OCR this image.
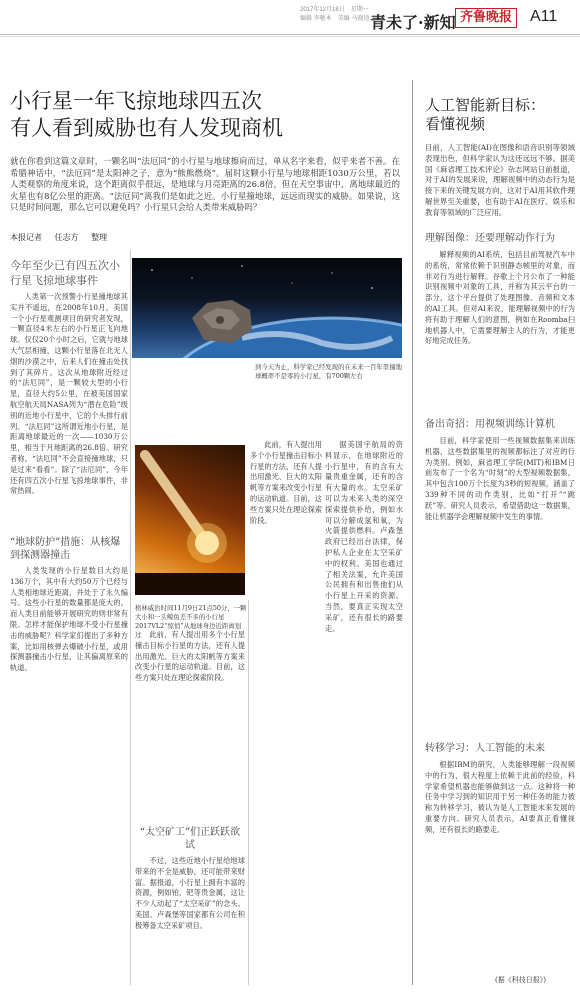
2017年12月18日　星期一
编辑 李驰本　美编 马晓逵 青未了·新知 齐鲁晚报	A11
小行星一年飞掠地球四五次
有人看到威胁也有人发现商机
就在你看到这篇文章时，一颗名叫“法厄同”的小行星与地球擦肩而过，单从名字来看，似乎来者不善。在希腊神话中，“法厄同”是太阳神之子，意为“熊熊燃烧”。届时这颗小行星与地球相距1030万公里，若以人类观察的角度来说，这个距离似乎很远，是地球与月亮距离的26.8倍，但在天空事宙中，离地球最近的火星也有8亿公里的距离。“法厄同”离我们是如此之近。小行星撞地球，远远而现实的威胁。如果说，这只是时间问题，那么它可以避免吗？小行星只会给人类带来威胁吗？
本报记者 任志方 整理
今年至少已有四五次小行星飞掠地球事件

人类第一次预警小行星撞地球其实并不遥远，在2008年10月，美国一个小行星观测项目的研究者发现，一颗直径4米左右的小行星正飞向地球。仅仅20个小时之后，它就与地球大气层相撞，这颗小行星落在北无人烟的沙漠之中，后来人们在撞击处找到了其碎片。这次从地球附近经过的“法厄同”，是一颗较大型的小行星，直径大约5公里，在被美国国家航空航天局NASA列为“潜在危险”级别的近地小行星中，它的个头排行前列。“法厄同”这所谓近地小行星，是距离地球最近的一次——1030万公里，相当于月地距离的26.8倍。研究者称，“法厄同”不会直接撞地球，只是过来“看看”。除了“法厄同”，今年还有四五次小行星飞掠地球事件，非常热闹。

“地球防护”措施：从核爆到探测器撞击

人类发现的小行星数目大约是136万个，其中有大约50万个已经与人类相地球近距离，并处于了永久编号。这些小行星的数量都是庞大的，而人类目前能够开展研究的则非常有限。怎样才能保护地球不受小行星撞击的威胁呢？科学家们提出了多种方案，比如用核弹去爆破小行星，或用探测器撞击小行星，让其偏离原来的轨道。

到今天为止，科学家已经发现的在未来一百年里撞地球概率不是零的小行星，有700颗左右
格林威治时间11月9日21点50分，一颗大小和一头鲸鱼差不多的小行星2017VL2“惊悄”从地球身边近距离划过

此前，有人提出用多个小行星撞击目标小行星的方法，还有人提出用激光、巨大的太阳帆等方案来改变小行星的运动轨道。目前，这些方案只处在理论探索阶段。

此前，有人提出用多个小行星撞击目标小行星的方法，还有人提出用激光、巨大的太阳帆等方案来改变小行星的运动轨道。目前，这些方案只处在理论探索阶段。

“太空矿工”们正跃跃欲试

不过，这些近地小行星给地球带来的不全是威胁，还可能带来财富。据报道，小行星上拥有丰富的资源，例如铂、钯等贵金属，这让不少人动起了“太空采矿”的念头。美国、卢森堡等国家都有公司在积极筹备太空采矿项目。

据美国宇航局的资料显示，在地球附近的小行星中，有的含有大量贵重金属，还有的含有大量的水。太空采矿可以为未来人类的深空探索提供补给，例如水可以分解成氢和氧，为火箭提供燃料。卢森堡政府已经出台法律，保护私人企业在太空采矿中的权利。美国也通过了相关法案，允许美国公民拥有和出售他们从小行星上开采的资源。当然，要真正实现太空采矿，还有很长的路要走。

人工智能新目标：
看懂视频
目前，人工智能(AI)在图像和语音识别等领域表现出色，但科学家认为这还远远不够。据美国《麻省理工技术评论》杂志网站日前报道，对于AI的发展来说，理解视频中的动态行为是接下来的关键发展方向，这对于AI用其软件理解世界至关重要，也有助于AI在医疗、娱乐和教育等领域的广泛应用。
理解图像：还要理解动作行为

解释视频的AI系统，包括目前驾驶汽车中的系统，常常依赖于识别静态帧里的对象，而非对行为进行解释。谷歌上个月公布了一种能识别视频中对象的工具，并称为其云平台的一部分，这个平台提供了处理图像、音频和文本的AI工具。但对AI来说，能理解视频中的行为将有助于理解人们的意图，例如在Roomba扫地机器人中，它需要理解主人的行为，才能更好地完成任务。

备出奇招：用视频训练计算机

目前，科学家使用一些视频数据集来训练机器，这些数据集里的视频都标注了对应的行为类别。例如，麻省理工学院(MIT)和IBM日前发布了一个名为“时刻”的大型视频数据集，其中包含100万个长度为3秒的短视频，涵盖了339种不同的动作类别，比如“打开”“跳跃”等。研究人员表示，希望借助这一数据集，能让机器学会理解视频中发生的事情。

转移学习：人工智能的未来

根据IBM的研究，人类能够理解一段视频中的行为，很大程度上依赖于此前的经验，科学家希望机器也能够做到这一点。这种将一种任务中学习到的知识用于另一种任务的能力被称为转移学习，被认为是人工智能未来发展的重要方向。研究人员表示，AI要真正看懂视频，还有很长的路要走。

(据《科技日报》)
